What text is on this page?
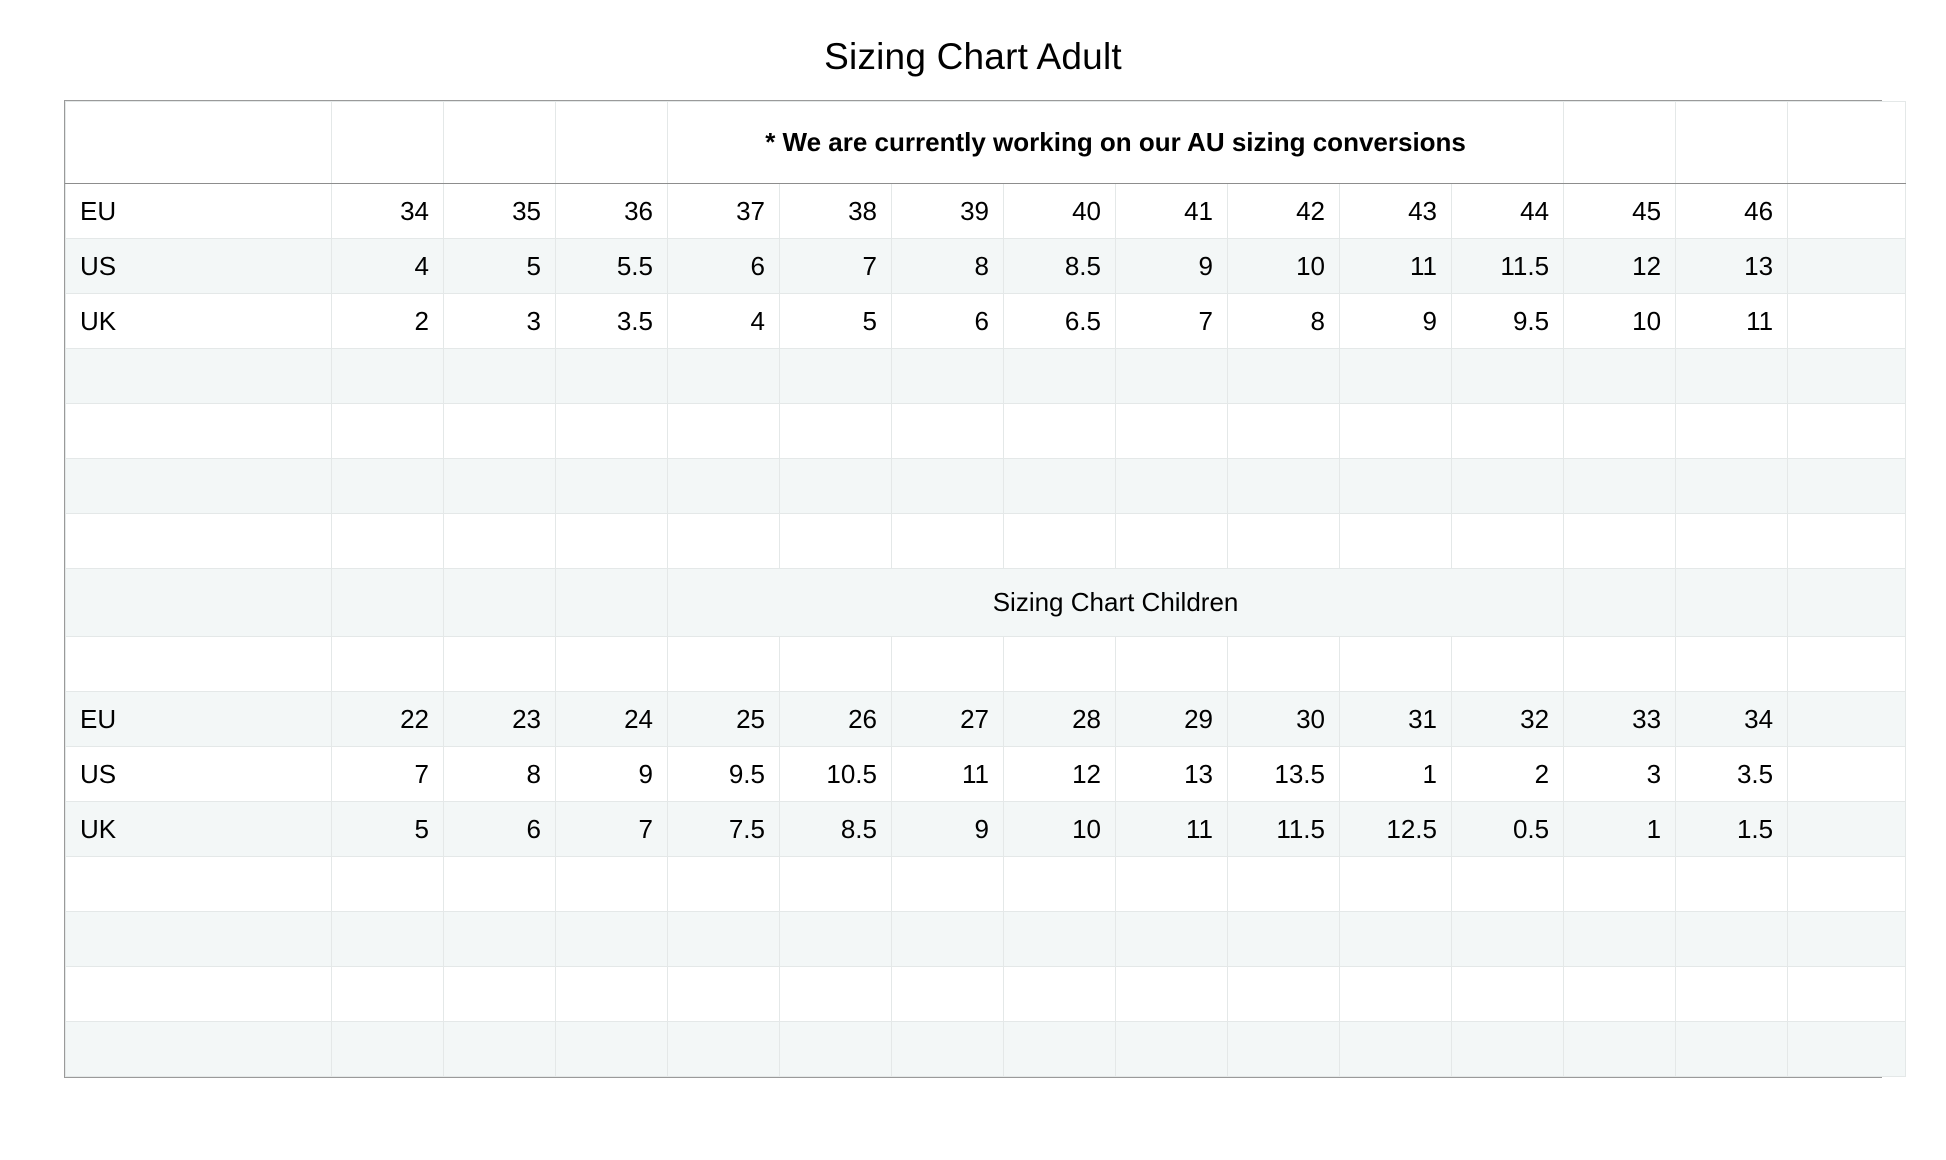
Sizing Chart Adult
				* We are currently working on our AU sizing conversions										
EU	34	35	36	37	38	39	40	41	42	43	44	45	46	
US	4	5	5.5	6	7	8	8.5	9	10	11	11.5	12	13	
UK	2	3	3.5	4	5	6	6.5	7	8	9	9.5	10	11	

				Sizing Chart Children										

EU	22	23	24	25	26	27	28	29	30	31	32	33	34	
US	7	8	9	9.5	10.5	11	12	13	13.5	1	2	3	3.5	
UK	5	6	7	7.5	8.5	9	10	11	11.5	12.5	0.5	1	1.5	
